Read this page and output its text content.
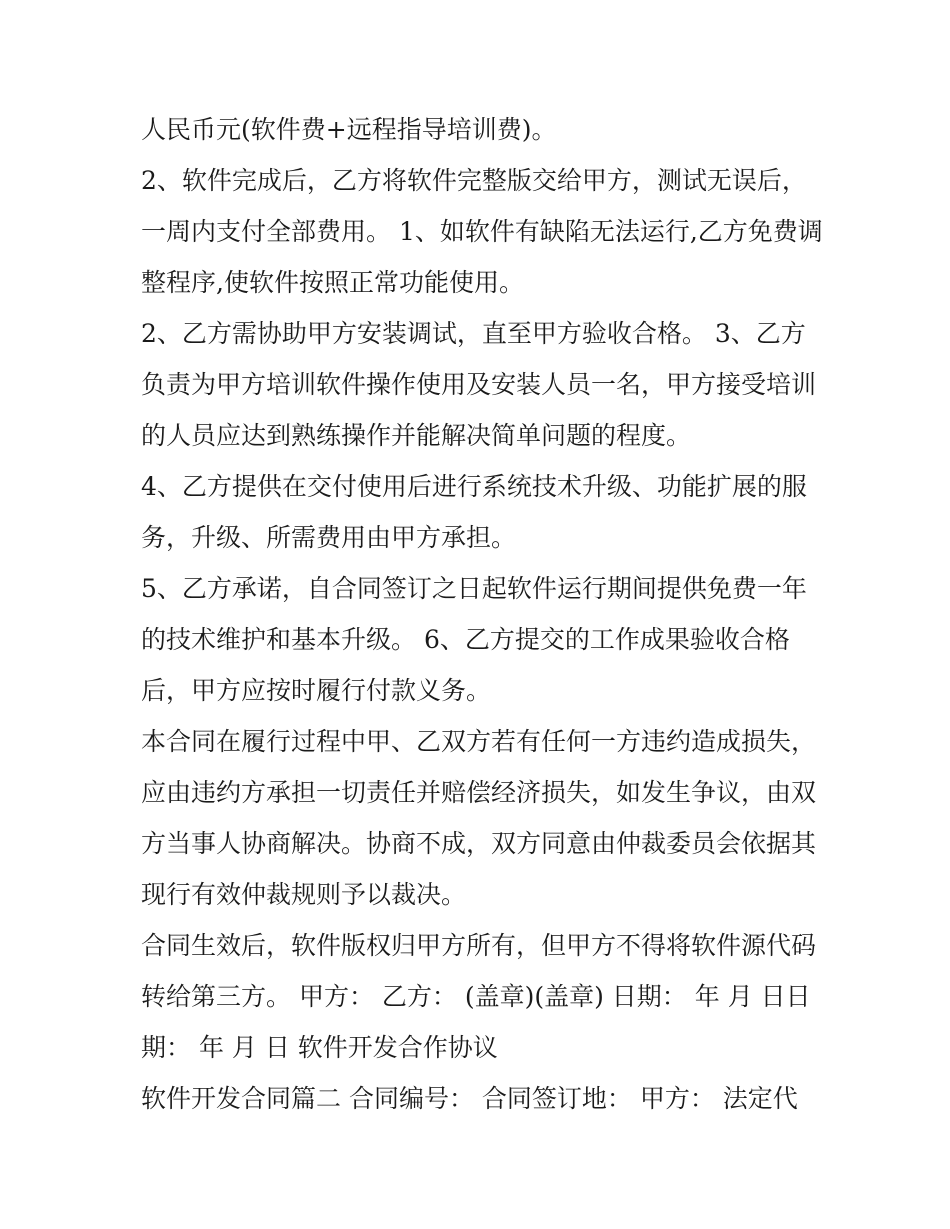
人民币元(软件费+远程指导培训费)。
2、软件完成后，乙方将软件完整版交给甲方，测试无误后，
一周内支付全部费用。 1、如软件有缺陷无法运行,乙方免费调
整程序,使软件按照正常功能使用。
2、乙方需协助甲方安装调试，直至甲方验收合格。 3、乙方
负责为甲方培训软件操作使用及安装人员一名，甲方接受培训
的人员应达到熟练操作并能解决简单问题的程度。
4、乙方提供在交付使用后进行系统技术升级、功能扩展的服
务，升级、所需费用由甲方承担。
5、乙方承诺，自合同签订之日起软件运行期间提供免费一年
的技术维护和基本升级。 6、乙方提交的工作成果验收合格
后，甲方应按时履行付款义务。
本合同在履行过程中甲、乙双方若有任何一方违约造成损失，
应由违约方承担一切责任并赔偿经济损失，如发生争议，由双
方当事人协商解决。协商不成，双方同意由仲裁委员会依据其
现行有效仲裁规则予以裁决。
合同生效后，软件版权归甲方所有，但甲方不得将软件源代码
转给第三方。 甲方： 乙方： (盖章)(盖章) 日期： 年 月 日日
期： 年 月 日 软件开发合作协议
软件开发合同篇二 合同编号： 合同签订地： 甲方： 法定代
